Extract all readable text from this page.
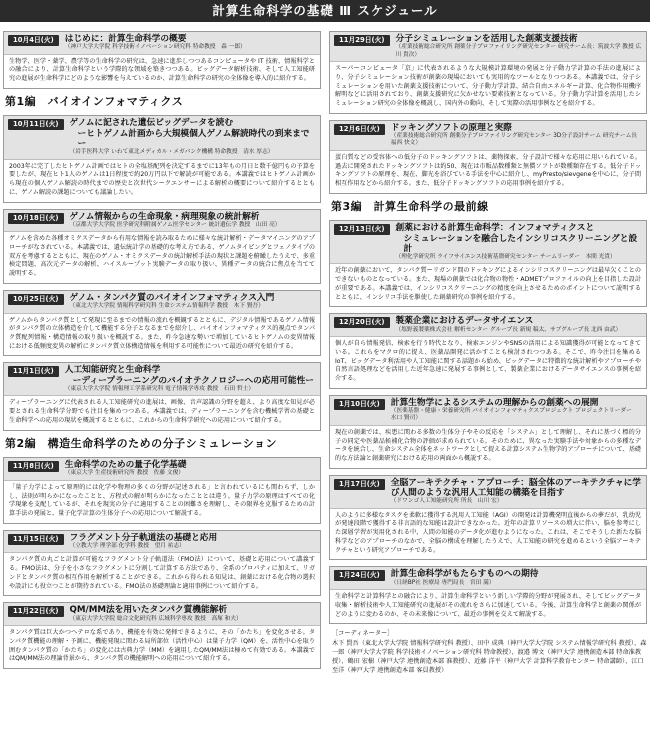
計算生命科学の基礎 Ⅲ スケジュール
10月4日(火)	はじめに：計算生命科学の概要
（神戸大学大学院 科学技術イノベーション研究科 特命教授　森 一郎）
生物学、医学・薬学、農学等の生命科学の研究は、急速に進歩しつつあるコンピュータや IT 技術、情報科学との融合により、計算生命科学という学際的な領域を築きつつある。ビッグデータ解析技術、そして人工知能研究の進展が生命科学にどのような影響を与えているのか、計算生命科学の研究の全体像を導入的に紹介する。
第1編　バイオインフォマティクス
10月11日(火)	ゲノムに記された遺伝ビッグデータを読む
ーヒトゲノム計画から大規模個人ゲノム解読時代の到来までー
（岩手医科大学 いわて東北メディカル・メガバンク機構 特命教授　清水 厚志）
2003年に完了したヒトゲノム計画ではヒトの全塩基配列を決定するまでに13年もの月日と数千億円もの予算を要したが、現在ヒト1人のゲノムは1日程度で約20万円以下で解読が可能である。本講義ではヒトゲノム計画から現在の個人ゲノム解読の時代までの歴史と次世代シークエンサーによる解析の概要について紹介するとともに、ゲノム解読の課題についても議論したい。
10月18日(火)	ゲノム情報からの生命現象・病理現象の統計解析
（京都大学大学院 医学研究科附属ゲノム医学センター 統計遺伝学 教授　山田 亮）
ゲノムを含めた各種オミクスデータから有用な情報を読み取るために様々な統計解析・データマイニングのアプローチがなされている。本講義では、遺伝統計学の基礎的な考え方である、ゲノムタイピングとフェノタイプの双方を考慮するとともに、現在のゲノム・オミクスデータの統計解析手法の現状と課題を俯瞰したうえで、多重検定問題、高次元データの解析、ハイスループット実験データの取り扱い、異種データの統合に焦点を当てて説明する。
10月25日(火)	ゲノム・タンパク質のバイオインフォマティクス入門
（東北大学大学院 情報科学研究科 生命システム情報科学 教授　木下 賢吾）
ゲノムからタンパク質として発現に至るまでの情報の流れを概観するとともに、デジタル情報であるゲノム情報がタンパク質の立体構造を介して機能する分子となるまでを紹介し、バイオインフォマティクス的視点でタンパク質配列情報・構造情報の取り扱いを概説する。また、昨今急速な勢いで増加しているヒトゲノムの変異情報における低頻度変異の解析にタンパク質立体構造情報を利用する可能性について最近の研究を紹介する。
11月1日(火)	人工知能研究と生命科学
ーディープラーニングのバイオテクノロジーへの応用可能性ー
（東京大学大学院 情報理工学系研究科 電子情報学専攻 教授　石田 哲士）
ディープラーニングに代表される人工知能研究の進展は、画像、音声認識の分野を超え、より高度な知見が必要とされる生命科学分野でも注目を集めつつある。本講義では、ディープラーニングを含む機械学習の基礎と生命科学への応用の現状を概説するとともに、これからの生命科学研究への応用について紹介する。
第2編　構造生命科学のための分子シミュレーション
11月8日(火)	生命科学のための量子化学基礎
（東京大学 生産技術研究所 教授　佐藤 文俊）
「量子力学によって原理的には化学や物理の多くの分野が記述される」と言われているにも関わらず、しかし、法則が明らかになったことと、方程式の解が明らかになったこととは違う。量子力学の原理はすべての化学現象を支配しているが、それを現実の分子に適用することの困難さを理解し、その限界を克服するための計算手法の発展と、量子化学計算の生体分子への応用について解説する。
11月15日(火)	フラグメント分子軌道法の基礎と応用
（立教大学 理学部 化学科 教授　望月 祐志）
タンパク質の丸ごと計算が可能なフラグメント分子軌道法（FMO法）について、基礎と応用について講義する。FMO法は、分子を小さなフラグメントに分割して計算する方法であり、全系のプロパティに加えて、リガンドとタンパク質の相互作用を解析することができる。これから得られる知見は、創薬における化合物の選択や設計にも役立つことが期待されている。FMO法の基礎理論と適用事例について紹介する。
11月22日(火)	QM/MM法を用いたタンパク質機能解析
（東京大学大学院 総合文化研究科 広域科学専攻 教授　高塚 和夫）
タンパク質は巨大かつへテロな系であり、機能を有効に発揮できるように、その「かたち」を変化させる。タンパク質機能の理解・予測に、機能発現に関わる局所部位（活性中心）は量子力学（QM）を、活性中心を取り囲むタンパク質の「かたち」の変化には古典力学（MM）を適用したQM/MM法は極めて有効である。本講義ではQM/MM法の理論背景から、タンパク質の機能解明への応用について紹介する。
11月29日(火)	分子シミュレーションを活用した創薬支援技術
（産業技術総合研究所 創薬分子プロファイリング研究センター 研究チーム長：筑波大学 教授 広川 貴次）
スーパーコンピュータ「京」に代表されるような大規模計算環境の発展と分子動力学計算の手法の進展により、分子シミュレーション技術が創薬の現場においても実用的なツールとなりつつある。本講義では、分子シミュレーションを用いた創薬支援技術について、分子動力学計算、結合自由エネルギー計算、化合物作用機序解明などに活用されており、創薬支援研究に欠かせない要素技術となっている。分子動力学計算を活用したシミュレーション研究の全体像を概説し、国内外の動向、そして実際の活用事例などを紹介する。
12月6日(火)	ドッキングソフトの原理と実際
（産業技術総合研究所 創薬分子プロファイリング研究センター 3D分子設計チーム 研究チーム長　福西 快文）
蛋白質などの受容体への低分子のドッキングソフトは、薬物探索、分子設計で様々な応用に用いられている。過去に開発されたドッキングソフトは約50、現在は市販品数種類と無償ソフトが数種類存在する。低分子ドッキングソフトの原理を、現在、脚光を浴びている手法を中心に紹介し、myPresto/sievgeneを中心に、分子間相互作用などから紹介する。また、低分子ドッキングソフトの応用事例を紹介する。
第3編　計算生命科学の最前線
12月13日(火)	創薬における計算生命科学：インフォマティクスと
シミュレーションを融合したインシリコスクリーニングと設計
（理化学研究所 ライフサイエンス技術基盤研究センター チームリーダー　本間 光貴）
近年の創薬において、タンパク質ーリガンド間のドッキングによるインシリコスクリーニングは最早欠くことのできないものとなっている。また、現場の創薬では化合物の物性・ADMETプロファイルの向上を目指した設計が重要である。本講義では、インシリコスクリーニングの精度を向上させるためのポイントについて説明するとともに、インシリコ手法を駆使した創薬研究の事例を紹介する。
12月20日(火)	製薬企業におけるデータサイエンス
（塩野義製薬株式会社 解析センター グループ長 新規 稿太、サブグループ長 北西 由武）
個人が自ら情報発信、検索を行う時代となり、検索エンジンやSNSの活用による知識獲得が可能となってきている。これらをマクロ的に捉え、医薬品開発に活かすことも検討されつつある。そこで、昨今注目を集めるIoT、ビッグデータ利活用や人工知能に関する話題から始め、ビッグデータに特徴的な統計解析やアプローチや自然言語処理などを活用した近年急速に発展する事例として、製薬企業におけるデータサイエンスの事例を紹介する。
1月10日(火)	計算生物学によるシステムの理解からの創薬への展開
（医薬基盤・健康・栄養研究所 バイオインフォマティクスプロジェクト プロジェクトリーダー　水口 賢司）
現在の創薬では、疾患に関わる多数の生体分子やその反応を「システム」として理解し、それに基づく標的分子の同定や医薬品候補化合物の評価が求められている。そのために、異なった実験手法や対象からの多種なデータを統合し、生命システム全体をネットワークとして捉える計算システム生物学的アプローチについて、基礎的な方法論と創薬研究における応用の両面から概説する。
1月17日(火)	全脳アーキテクチャ・アプローチ：脳全体のアーキテクチャに学び人間のような汎用人工知能の構築を目指す
（ドワンゴ人工知能研究所 所長　山川 宏）
人のように多様なタスクを柔軟に獲得する汎用人工知能（AGI）の開発は計算機発明直後からの夢だが、乳幼児が発達段階で獲得する非言語的な知能は設計できなかった。近年の計算リソースの増大に伴い、脳を参考にした深層学習が実用化される中、人間の知能のデータ化が進むようになった。これは、そこでそうした新たな脳科学などのアプローチのなかで、全脳の構成を理解したうえで、人工知能の研究を進めるという全脳アーキテクチャという研究アプローチである。
1月24日(火)	計算生命科学がもたらすものへの期待
（日経BP社 医療局 専門局長　宮田 満）
生命科学と計算科学との融合により、計算生命科学という新しい学際的分野が発展され、そしてビッグデータ収集・解析技術や人工知能研究の進展がその流れをさらに加速している。今後、計算生命科学と創薬の関係がどのように変わるのか、その未来像について、最近の事例を交えて解説する。
［コーディネーター］
木下 賢吾（東北大学大学院 情報科学研究科 教授）、田中 成典（神戸大学大学院 システム情報学研究科 教授）、森 一郎（神戸大学大学院 科学技術イノベーション研究科 特命教授）、渡邉 博文（神戸大学 連携創造本部 特命准教授）、鶴田 宏樹（神戸大学 連携創造本部 准教授）、近藤 洋平（神戸大学 計算科学教育センター 特命講師）、江口 至洋（神戸大学 連携創造本部 客員教授）
